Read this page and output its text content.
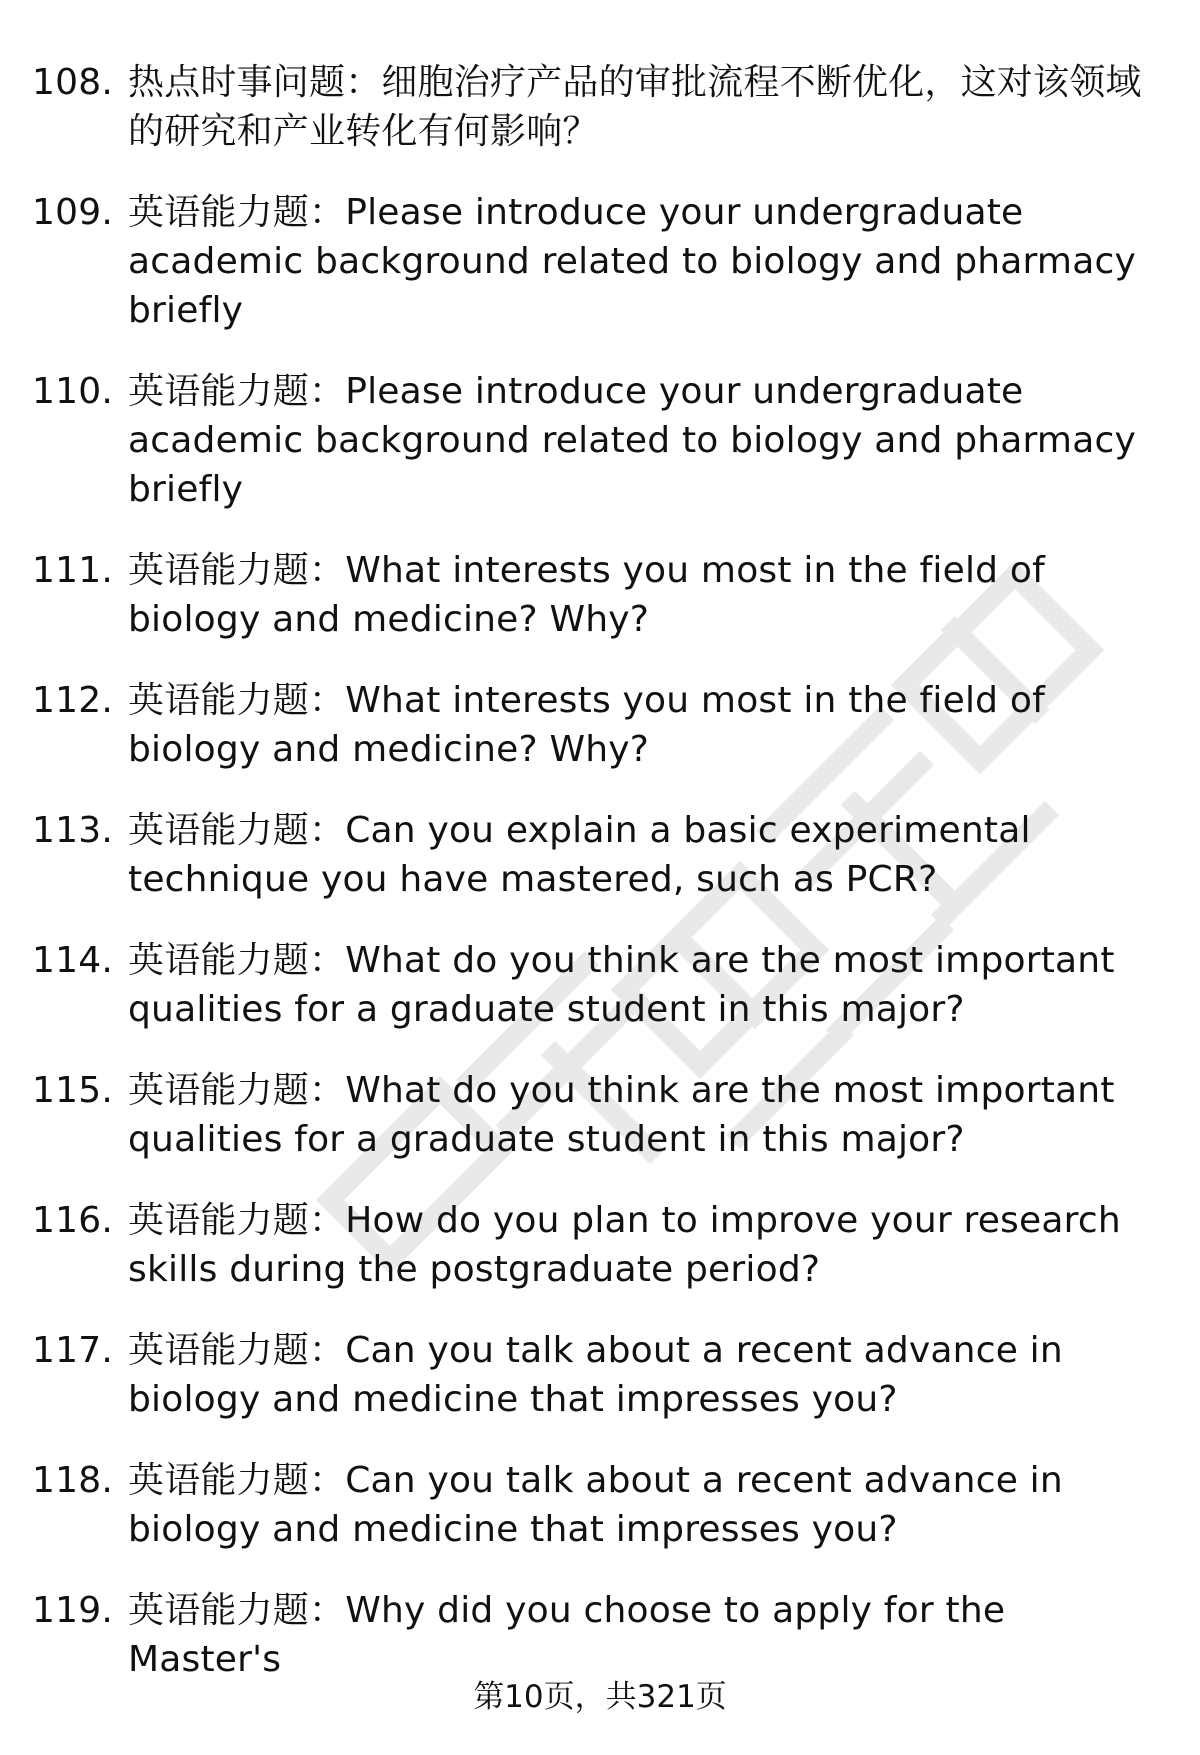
108. 热点时事问题：细胞治疗产品的审批流程不断优化，这对该领域的研究和产业转化有何影响？
109. 英语能力题：Please introduce your undergraduate academic background related to biology and pharmacy briefly
110. 英语能力题：Please introduce your undergraduate academic background related to biology and pharmacy briefly
111. 英语能力题：What interests you most in the field of biology and medicine? Why?
112. 英语能力题：What interests you most in the field of biology and medicine? Why?
113. 英语能力题：Can you explain a basic experimental technique you have mastered, such as PCR?
114. 英语能力题：What do you think are the most important qualities for a graduate student in this major?
115. 英语能力题：What do you think are the most important qualities for a graduate student in this major?
116. 英语能力题：How do you plan to improve your research skills during the postgraduate period?
117. 英语能力题：Can you talk about a recent advance in biology and medicine that impresses you?
118. 英语能力题：Can you talk about a recent advance in biology and medicine that impresses you?
119. 英语能力题：Why did you choose to apply for the Master's
第10页，共321页
